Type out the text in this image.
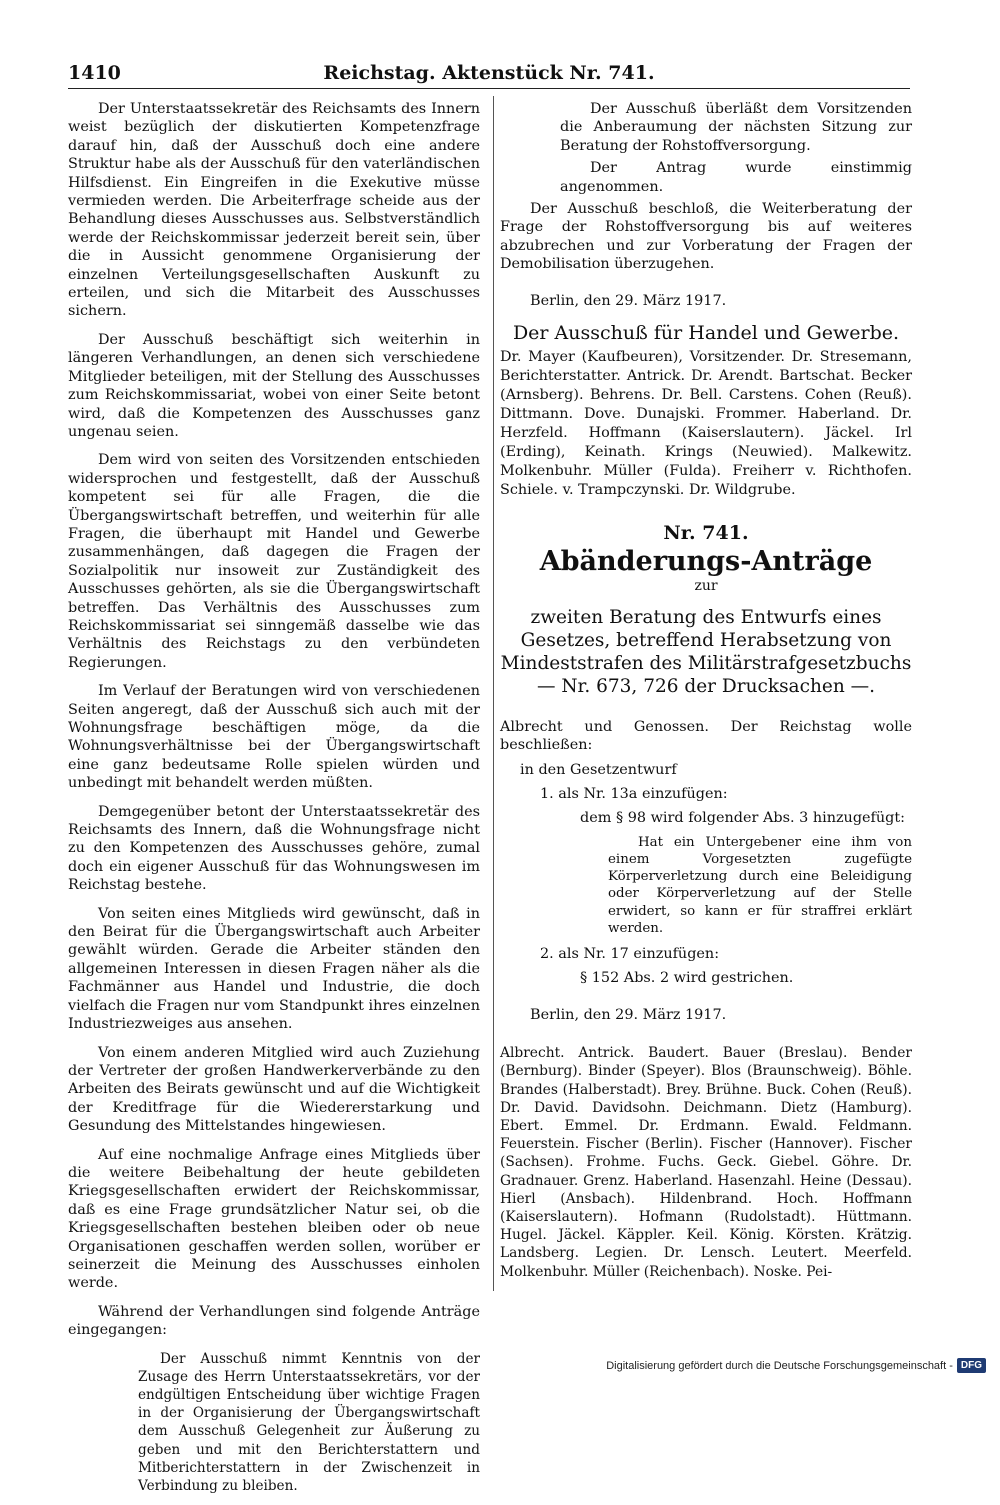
1410	Reichstag. Aktenstück Nr. 741.

Der Unterstaatssekretär des Reichsamts des Innern weist bezüglich der diskutierten Kompetenzfrage darauf hin, daß der Ausschuß doch eine andere Struktur habe als der Ausschuß für den vaterländischen Hilfsdienst. Ein Eingreifen in die Exekutive müsse vermieden werden. Die Arbeiterfrage scheide aus der Behandlung dieses Ausschusses aus. Selbstverständlich werde der Reichskommissar jederzeit bereit sein, über die in Aussicht genommene Organisierung der einzelnen Verteilungsgesellschaften Auskunft zu erteilen, und sich die Mitarbeit des Ausschusses sichern.

Der Ausschuß beschäftigt sich weiterhin in längeren Verhandlungen, an denen sich verschiedene Mitglieder beteiligen, mit der Stellung des Ausschusses zum Reichskommissariat, wobei von einer Seite betont wird, daß die Kompetenzen des Ausschusses ganz ungenau seien.

Dem wird von seiten des Vorsitzenden entschieden widersprochen und festgestellt, daß der Ausschuß kompetent sei für alle Fragen, die die Übergangswirtschaft betreffen, und weiterhin für alle Fragen, die überhaupt mit Handel und Gewerbe zusammenhängen, daß dagegen die Fragen der Sozialpolitik nur insoweit zur Zuständigkeit des Ausschusses gehörten, als sie die Übergangswirtschaft betreffen. Das Verhältnis des Ausschusses zum Reichskommissariat sei sinngemäß dasselbe wie das Verhältnis des Reichstags zu den verbündeten Regierungen.

Im Verlauf der Beratungen wird von verschiedenen Seiten angeregt, daß der Ausschuß sich auch mit der Wohnungsfrage beschäftigen möge, da die Wohnungsverhältnisse bei der Übergangswirtschaft eine ganz bedeutsame Rolle spielen würden und unbedingt mit behandelt werden müßten.

Demgegenüber betont der Unterstaatssekretär des Reichsamts des Innern, daß die Wohnungsfrage nicht zu den Kompetenzen des Ausschusses gehöre, zumal doch ein eigener Ausschuß für das Wohnungswesen im Reichstag bestehe.

Von seiten eines Mitglieds wird gewünscht, daß in den Beirat für die Übergangswirtschaft auch Arbeiter gewählt würden. Gerade die Arbeiter ständen den allgemeinen Interessen in diesen Fragen näher als die Fachmänner aus Handel und Industrie, die doch vielfach die Fragen nur vom Standpunkt ihres einzelnen Industriezweiges aus ansehen.

Von einem anderen Mitglied wird auch Zuziehung der Vertreter der großen Handwerkerverbände zu den Arbeiten des Beirats gewünscht und auf die Wichtigkeit der Kreditfrage für die Wiedererstarkung und Gesundung des Mittelstandes hingewiesen.

Auf eine nochmalige Anfrage eines Mitglieds über die weitere Beibehaltung der heute gebildeten Kriegsgesellschaften erwidert der Reichskommissar, daß es eine Frage grundsätzlicher Natur sei, ob die Kriegsgesellschaften bestehen bleiben oder ob neue Organisationen geschaffen werden sollen, worüber er seinerzeit die Meinung des Ausschusses einholen werde.

Während der Verhandlungen sind folgende Anträge eingegangen:

Der Ausschuß nimmt Kenntnis von der Zusage des Herrn Unterstaatssekretärs, vor der endgültigen Entscheidung über wichtige Fragen in der Organisierung der Übergangswirtschaft dem Ausschuß Gelegenheit zur Äußerung zu geben und mit den Berichterstattern und Mitberichterstattern in der Zwischenzeit in Verbindung zu bleiben.

Der Ausschuß überläßt dem Vorsitzenden die Anberaumung der nächsten Sitzung zur Beratung der Rohstoffversorgung.

Der Antrag wurde einstimmig angenommen.

Der Ausschuß beschloß, die Weiterberatung der Frage der Rohstoffversorgung bis auf weiteres abzubrechen und zur Vorberatung der Fragen der Demobilisation überzugehen.

Berlin, den 29. März 1917.

Der Ausschuß für Handel und Gewerbe.

Dr. Mayer (Kaufbeuren), Vorsitzender. Dr. Stresemann, Berichterstatter. Antrick. Dr. Arendt. Bartschat. Becker (Arnsberg). Behrens. Dr. Bell. Carstens. Cohen (Reuß). Dittmann. Dove. Dunajski. Frommer. Haberland. Dr. Herzfeld. Hoffmann (Kaiserslautern). Jäckel. Irl (Erding), Keinath. Krings (Neuwied). Malkewitz. Molkenbuhr. Müller (Fulda). Freiherr v. Richthofen. Schiele. v. Trampczynski. Dr. Wildgrube.

Nr. 741.

Abänderungs-Anträge

zur

zweiten Beratung des Entwurfs eines Gesetzes, betreffend Herabsetzung von Mindeststrafen des Militärstrafgesetzbuchs — Nr. 673, 726 der Drucksachen —.

Albrecht und Genossen. Der Reichstag wolle beschließen:

in den Gesetzentwurf

1. als Nr. 13a einzufügen:

dem § 98 wird folgender Abs. 3 hinzugefügt:

Hat ein Untergebener eine ihm von einem Vorgesetzten zugefügte Körperverletzung durch eine Beleidigung oder Körperverletzung auf der Stelle erwidert, so kann er für straffrei erklärt werden.

2. als Nr. 17 einzufügen:

§ 152 Abs. 2 wird gestrichen.

Berlin, den 29. März 1917.

Albrecht. Antrick. Baudert. Bauer (Breslau). Bender (Bernburg). Binder (Speyer). Blos (Braunschweig). Böhle. Brandes (Halberstadt). Brey. Brühne. Buck. Cohen (Reuß). Dr. David. Davidsohn. Deichmann. Dietz (Hamburg). Ebert. Emmel. Dr. Erdmann. Ewald. Feldmann. Feuerstein. Fischer (Berlin). Fischer (Hannover). Fischer (Sachsen). Frohme. Fuchs. Geck. Giebel. Göhre. Dr. Gradnauer. Grenz. Haberland. Hasenzahl. Heine (Dessau). Hierl (Ansbach). Hildenbrand. Hoch. Hoffmann (Kaiserslautern). Hofmann (Rudolstadt). Hüttmann. Hugel. Jäckel. Käppler. Keil. König. Körsten. Krätzig. Landsberg. Legien. Dr. Lensch. Leutert. Meerfeld. Molkenbuhr. Müller (Reichenbach). Noske. Pei-

Digitalisierung gefördert durch die Deutsche Forschungsgemeinschaft - DFG
